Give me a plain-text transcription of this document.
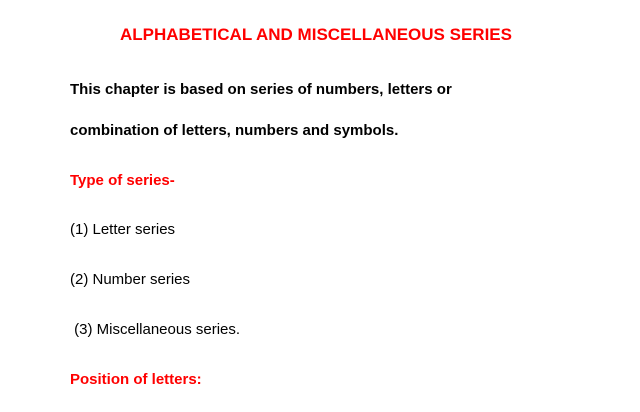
ALPHABETICAL AND MISCELLANEOUS SERIES
This chapter is based on series of numbers, letters or
combination of letters, numbers and symbols.
Type of series-
(1) Letter series
(2) Number series
(3) Miscellaneous series.
Position of letters:
